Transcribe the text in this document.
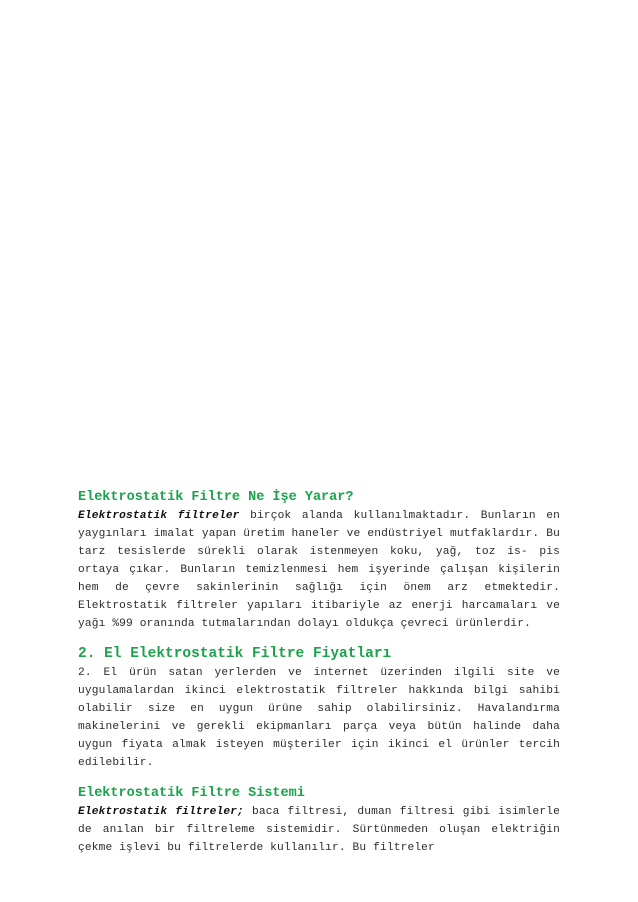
Elektrostatik Filtre Ne İşe Yarar?

Elektrostatik filtreler birçok alanda kullanılmaktadır. Bunların en yaygınları imalat yapan üretim haneler ve endüstriyel mutfaklardır. Bu tarz tesislerde sürekli olarak istenmeyen koku, yağ, toz is- pis ortaya çıkar. Bunların temizlenmesi hem işyerinde çalışan kişilerin hem de çevre sakinlerinin sağlığı için önem arz etmektedir. Elektrostatik filtreler yapıları itibariyle az enerji harcamaları ve yağı %99 oranında tutmalarından dolayı oldukça çevreci ürünlerdir.

2. El Elektrostatik Filtre Fiyatları

2. El ürün satan yerlerden ve internet üzerinden ilgili site ve uygulamalardan ikinci elektrostatik filtreler hakkında bilgi sahibi olabilir size en uygun ürüne sahip olabilirsiniz. Havalandırma makinelerini ve gerekli ekipmanları parça veya bütün halinde daha uygun fiyata almak isteyen müşteriler için ikinci el ürünler tercih edilebilir.

Elektrostatik Filtre Sistemi

Elektrostatik filtreler; baca filtresi, duman filtresi gibi isimlerle de anılan bir filtreleme sistemidir. Sürtünmeden oluşan elektriğin çekme işlevi bu filtrelerde kullanılır. Bu filtreler
